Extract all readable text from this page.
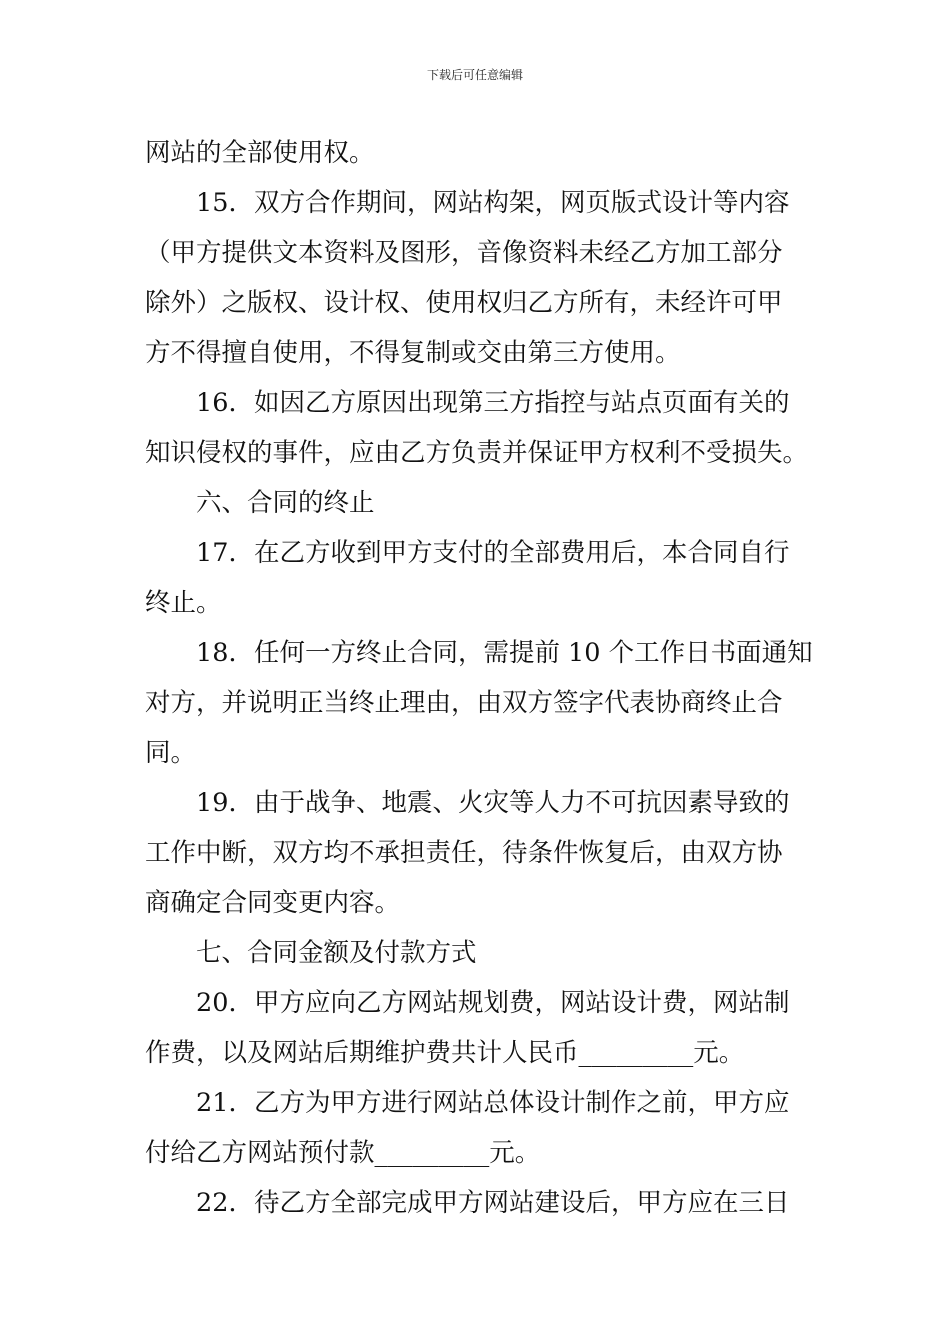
下载后可任意编辑
网站的全部使用权。
15．双方合作期间，网站构架，网页版式设计等内容
（甲方提供文本资料及图形，音像资料未经乙方加工部分
除外）之版权、设计权、使用权归乙方所有，未经许可甲
方不得擅自使用，不得复制或交由第三方使用。
16．如因乙方原因出现第三方指控与站点页面有关的
知识侵权的事件，应由乙方负责并保证甲方权利不受损失。
六、合同的终止
17．在乙方收到甲方支付的全部费用后，本合同自行
终止。
18．任何一方终止合同，需提前 10 个工作日书面通知
对方，并说明正当终止理由，由双方签字代表协商终止合
同。
19．由于战争、地震、火灾等人力不可抗因素导致的
工作中断，双方均不承担责任，待条件恢复后，由双方协
商确定合同变更内容。
七、合同金额及付款方式
20．甲方应向乙方网站规划费，网站设计费，网站制
作费，以及网站后期维护费共计人民币_________元。
21．乙方为甲方进行网站总体设计制作之前，甲方应
付给乙方网站预付款_________元。
22．待乙方全部完成甲方网站建设后，甲方应在三日
